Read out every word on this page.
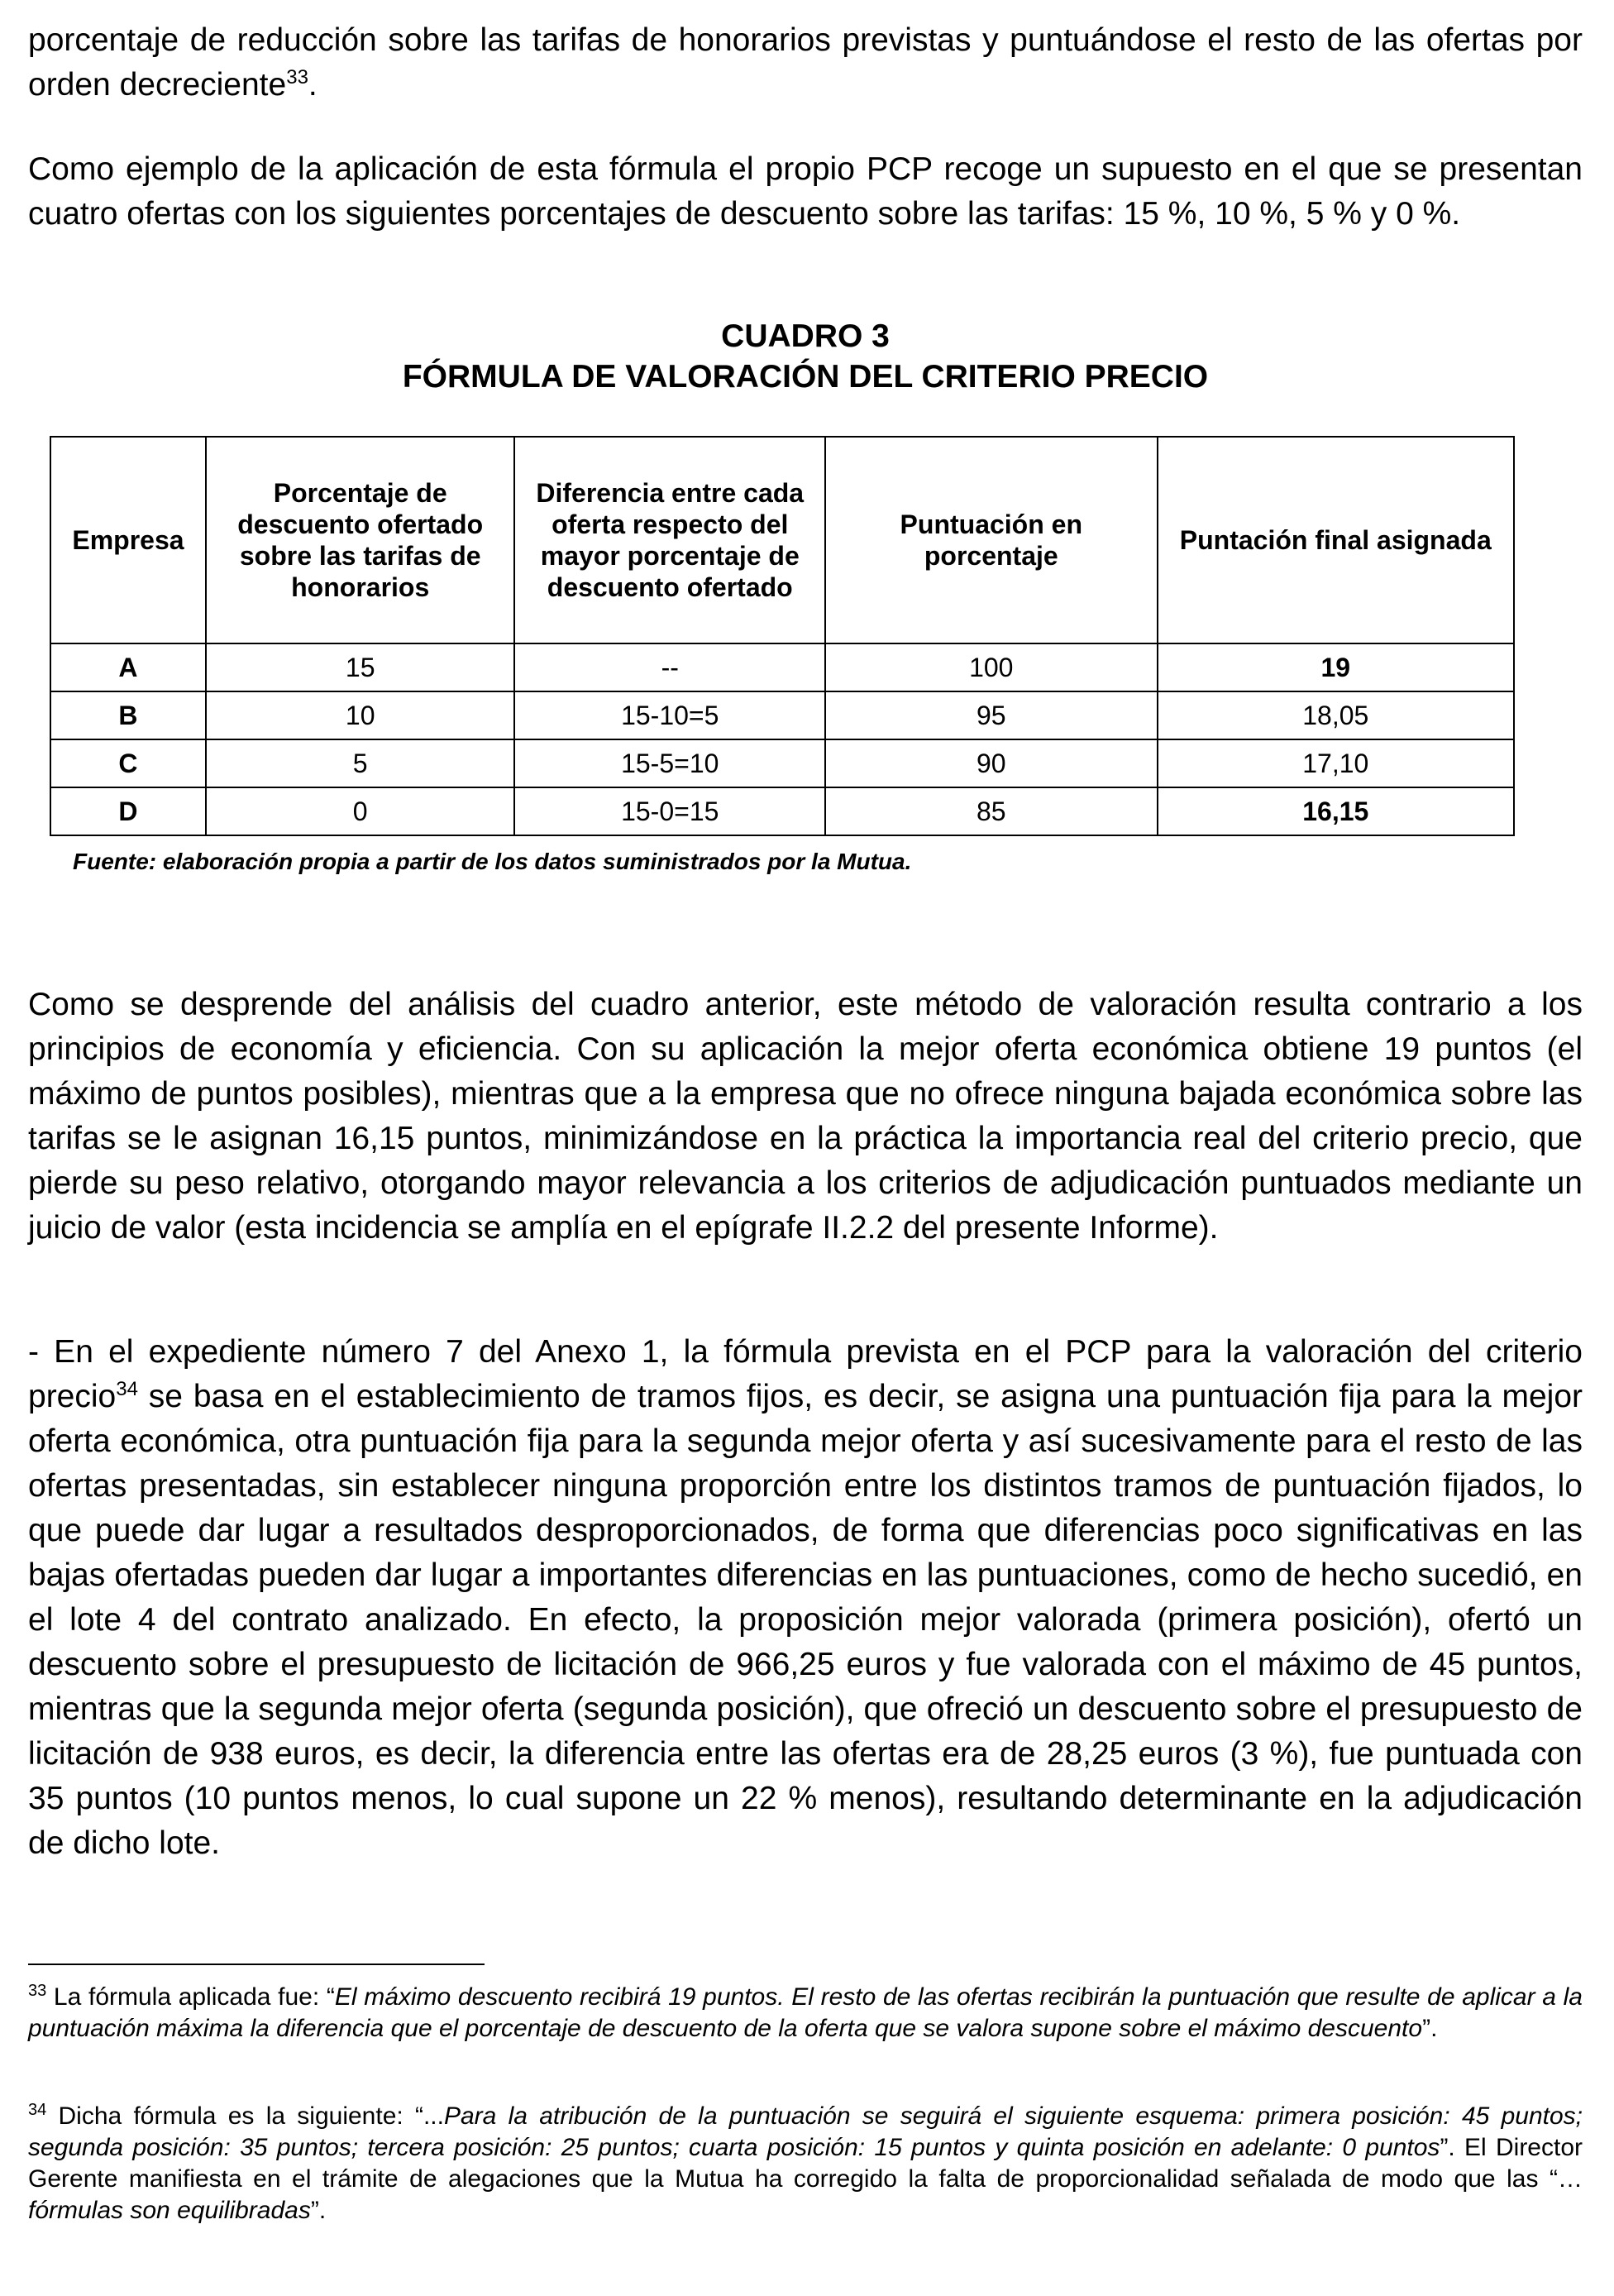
porcentaje de reducción sobre las tarifas de honorarios previstas y puntuándose el resto de las ofertas por orden decreciente$^{33}$.

Como ejemplo de la aplicación de esta fórmula el propio PCP recoge un supuesto en el que se presentan cuatro ofertas con los siguientes porcentajes de descuento sobre las tarifas: 15 %, 10 %, 5 % y 0 %.

CUADRO 3

FÓRMULA DE VALORACIÓN DEL CRITERIO PRECIO

Empresa	Porcentaje de descuento ofertado sobre las tarifas de honorarios	Diferencia entre cada oferta respecto del mayor porcentaje de descuento ofertado	Puntuación en porcentaje	Puntación final asignada
A	15	--	100	19
B	10	15-10=5	95	18,05
C	5	15-5=10	90	17,10
D	0	15-0=15	85	16,15

Fuente: elaboración propia a partir de los datos suministrados por la Mutua.

Como se desprende del análisis del cuadro anterior, este método de valoración resulta contrario a los principios de economía y eficiencia. Con su aplicación la mejor oferta económica obtiene 19 puntos (el máximo de puntos posibles), mientras que a la empresa que no ofrece ninguna bajada económica sobre las tarifas se le asignan 16,15 puntos, minimizándose en la práctica la importancia real del criterio precio, que pierde su peso relativo, otorgando mayor relevancia a los criterios de adjudicación puntuados mediante un juicio de valor (esta incidencia se amplía en el epígrafe II.2.2 del presente Informe).

- En el expediente número 7 del Anexo 1, la fórmula prevista en el PCP para la valoración del criterio precio$^{34}$ se basa en el establecimiento de tramos fijos, es decir, se asigna una puntuación fija para la mejor oferta económica, otra puntuación fija para la segunda mejor oferta y así sucesivamente para el resto de las ofertas presentadas, sin establecer ninguna proporción entre los distintos tramos de puntuación fijados, lo que puede dar lugar a resultados desproporcionados, de forma que diferencias poco significativas en las bajas ofertadas pueden dar lugar a importantes diferencias en las puntuaciones, como de hecho sucedió, en el lote 4 del contrato analizado. En efecto, la proposición mejor valorada (primera posición), ofertó un descuento sobre el presupuesto de licitación de 966,25 euros y fue valorada con el máximo de 45 puntos, mientras que la segunda mejor oferta (segunda posición), que ofreció un descuento sobre el presupuesto de licitación de 938 euros, es decir, la diferencia entre las ofertas era de 28,25 euros (3 %), fue puntuada con 35 puntos (10 puntos menos, lo cual supone un 22 % menos), resultando determinante en la adjudicación de dicho lote.

$^{33}$ La fórmula aplicada fue: “El máximo descuento recibirá 19 puntos. El resto de las ofertas recibirán la puntuación que resulte de aplicar a la puntuación máxima la diferencia que el porcentaje de descuento de la oferta que se valora supone sobre el máximo descuento”.

$^{34}$ Dicha fórmula es la siguiente: “...Para la atribución de la puntuación se seguirá el siguiente esquema: primera posición: 45 puntos; segunda posición: 35 puntos; tercera posición: 25 puntos; cuarta posición: 15 puntos y quinta posición en adelante: 0 puntos”. El Director Gerente manifiesta en el trámite de alegaciones que la Mutua ha corregido la falta de proporcionalidad señalada de modo que las “…fórmulas son equilibradas”.
